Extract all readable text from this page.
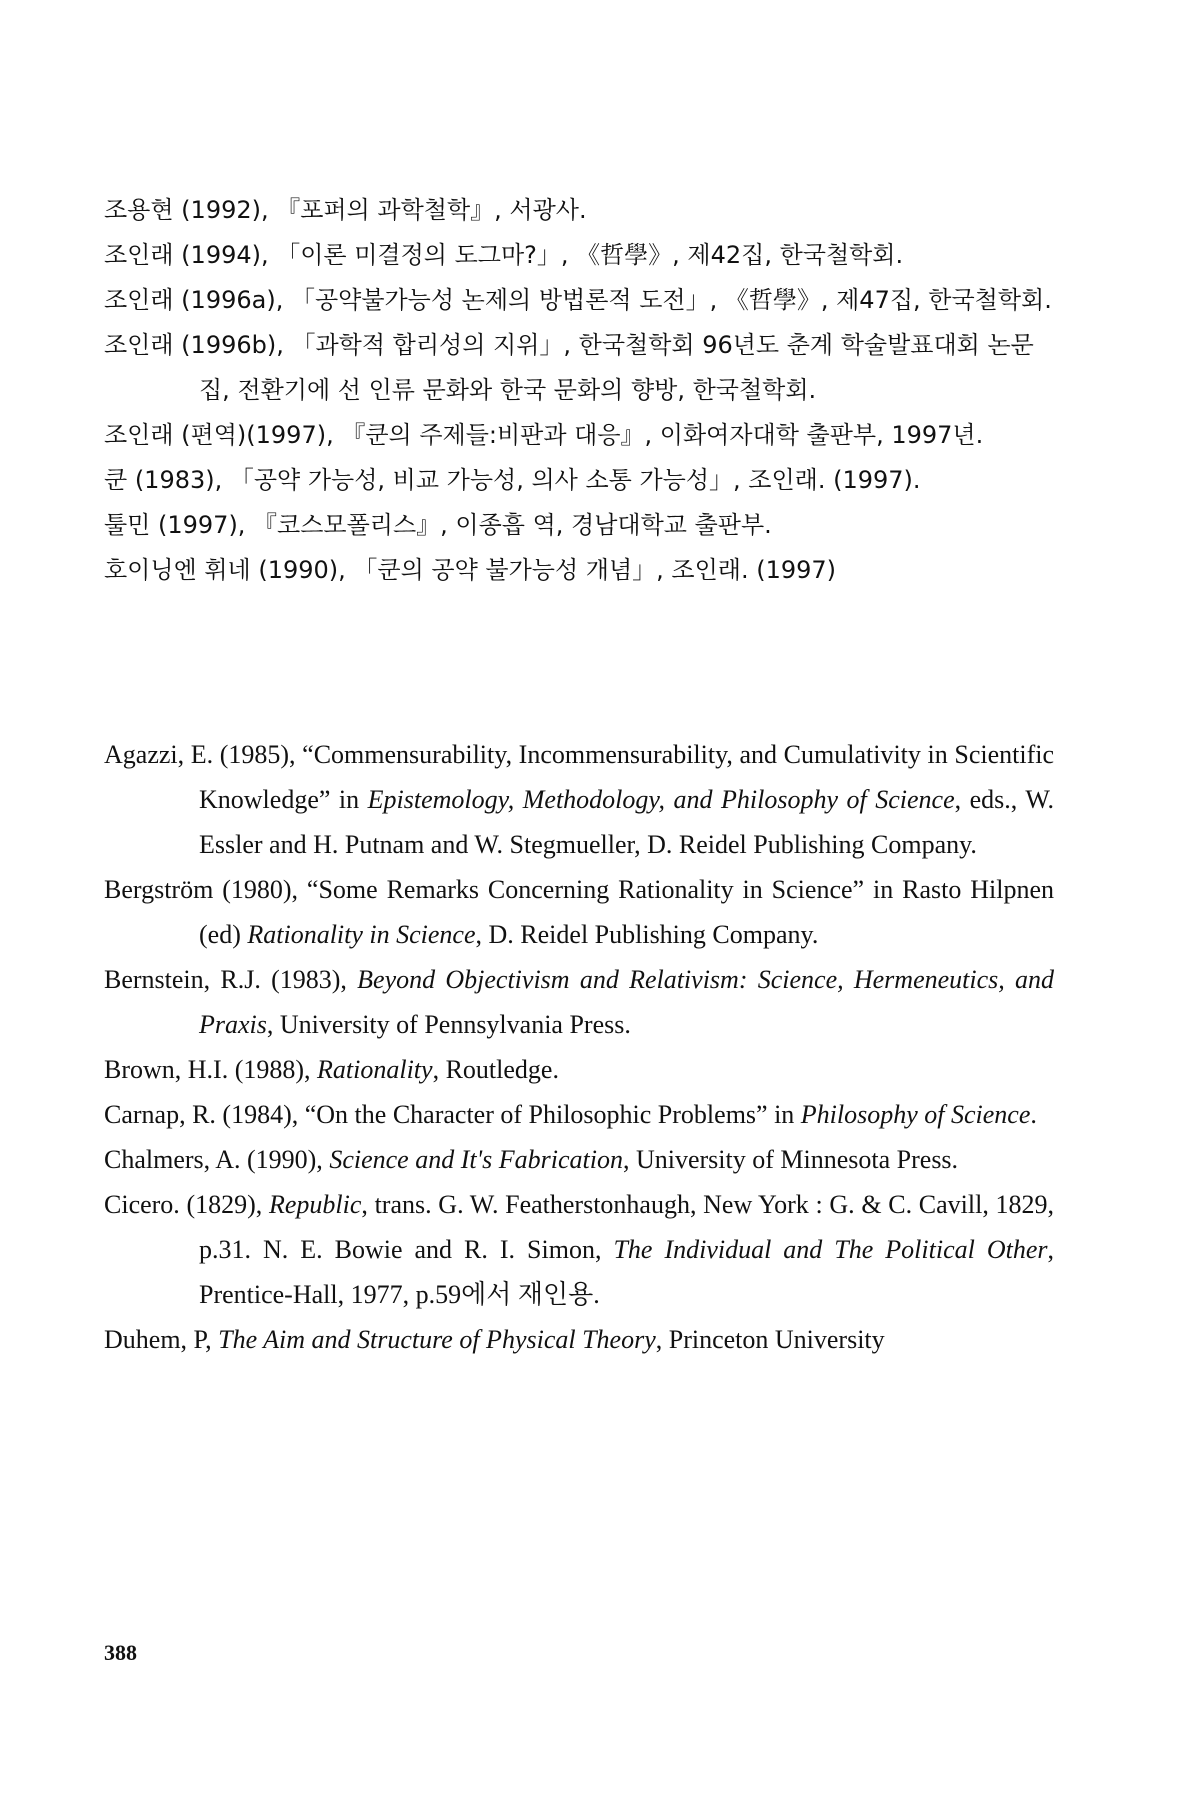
조용현 (1992), 『포퍼의 과학철학』, 서광사.

조인래 (1994), 「이론 미결정의 도그마?」, 《哲學》, 제42집, 한국철학회.

조인래 (1996a), 「공약불가능성 논제의 방법론적 도전」, 《哲學》, 제47집, 한국철학회.

조인래 (1996b), 「과학적 합리성의 지위」, 한국철학회 96년도 춘계 학술발표대회 논문집, 전환기에 선 인류 문화와 한국 문화의 향방, 한국철학회.

조인래 (편역)(1997), 『쿤의 주제들:비판과 대응』, 이화여자대학 출판부, 1997년.

쿤 (1983), 「공약 가능성, 비교 가능성, 의사 소통 가능성」, 조인래. (1997).

툴민 (1997), 『코스모폴리스』, 이종흡 역, 경남대학교 출판부.

호이닝엔 휘네 (1990), 「쿤의 공약 불가능성 개념」, 조인래. (1997)

Agazzi, E. (1985), “Commensurability, Incommensurability, and Cumulativity in Scientific Knowledge” in Epistemology, Methodology, and Philosophy of Science, eds., W. Essler and H. Putnam and W. Stegmueller, D. Reidel Publishing Company.

Bergström (1980), “Some Remarks Concerning Rationality in Science” in Rasto Hilpnen (ed) Rationality in Science, D. Reidel Publishing Company.

Bernstein, R.J. (1983), Beyond Objectivism and Relativism: Science, Hermeneutics, and Praxis, University of Pennsylvania Press.

Brown, H.I. (1988), Rationality, Routledge.

Carnap, R. (1984), “On the Character of Philosophic Problems” in Philosophy of Science.

Chalmers, A. (1990), Science and It's Fabrication, University of Minnesota Press.

Cicero. (1829), Republic, trans. G. W. Featherstonhaugh, New York : G. & C. Cavill, 1829, p.31. N. E. Bowie and R. I. Simon, The Individual and The Political Other, Prentice-Hall, 1977, p.59에서 재인용.

Duhem, P, The Aim and Structure of Physical Theory, Princeton University

388
